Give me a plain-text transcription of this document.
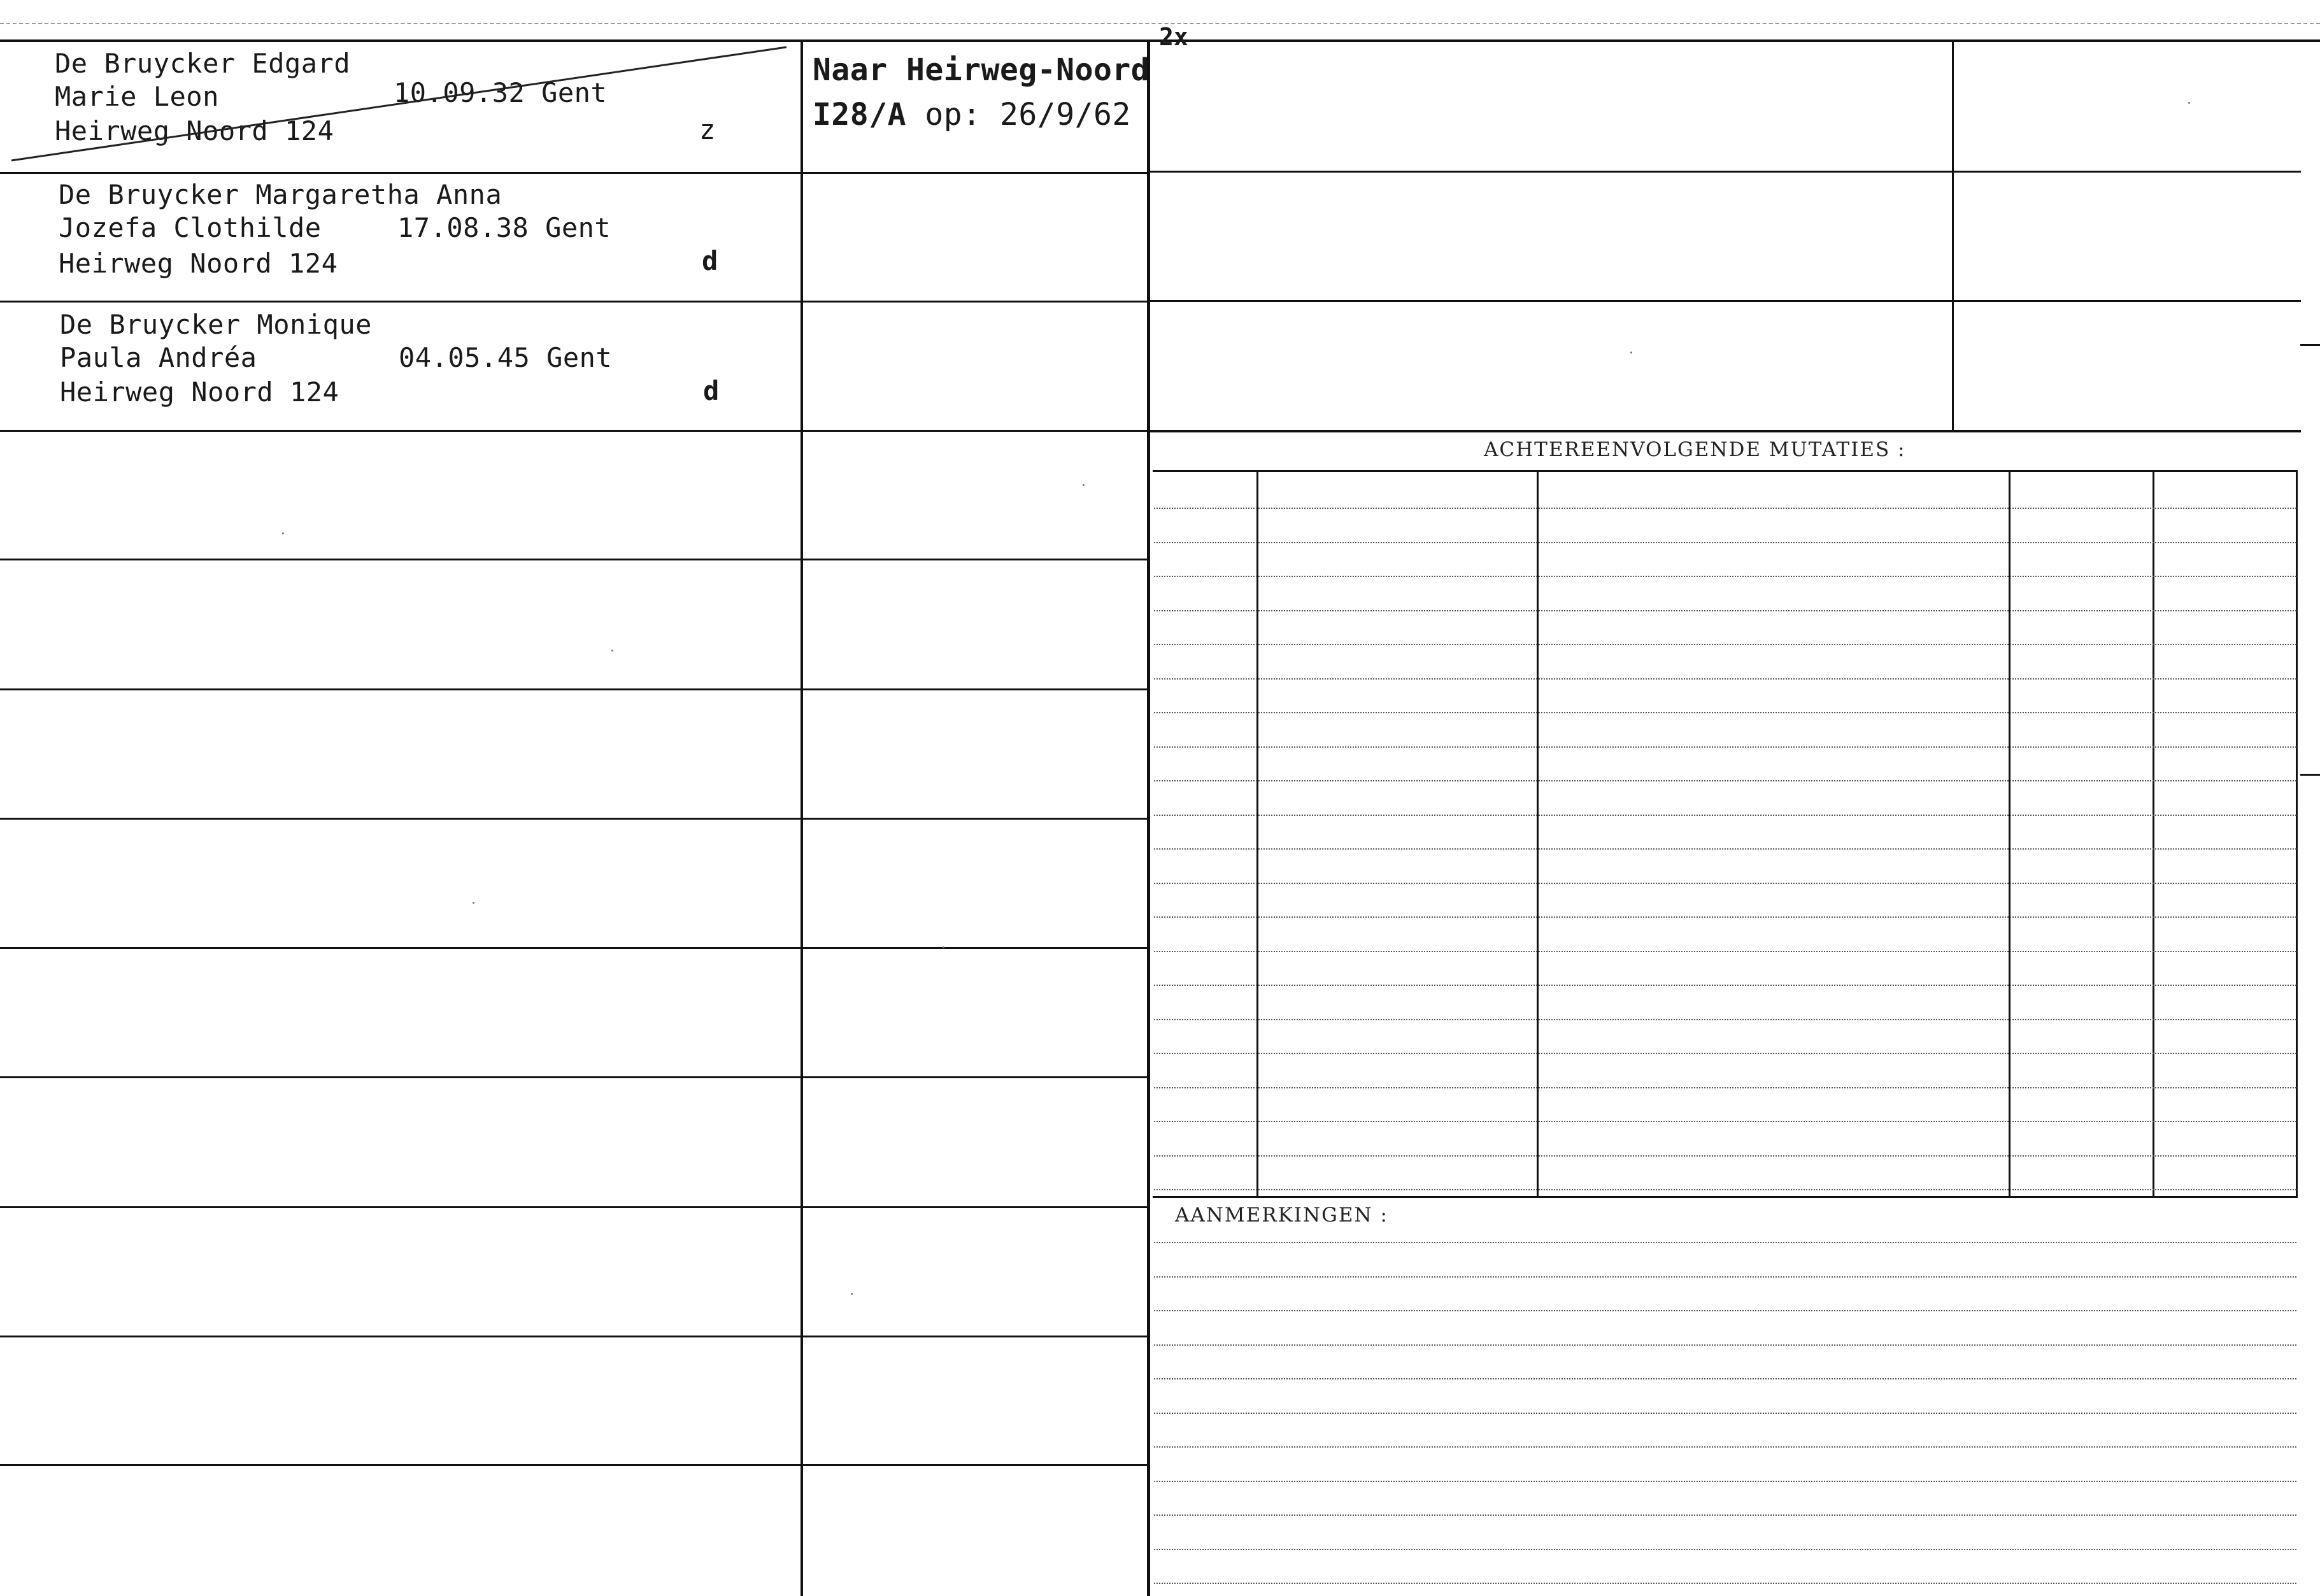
ACHTEREENVOLGENDE MUTATIES :
AANMERKINGEN :
2x
De Bruycker Edgard
Marie Leon	10.09.32 Gent
Heirweg Noord 124	z
De Bruycker Margaretha Anna
Jozefa Clothilde	17.08.38 Gent
Heirweg Noord 124	d
De Bruycker Monique
Paula Andréa	04.05.45 Gent
Heirweg Noord 124	d
Naar Heirweg-Noord
I28/A op: 26/9/62
